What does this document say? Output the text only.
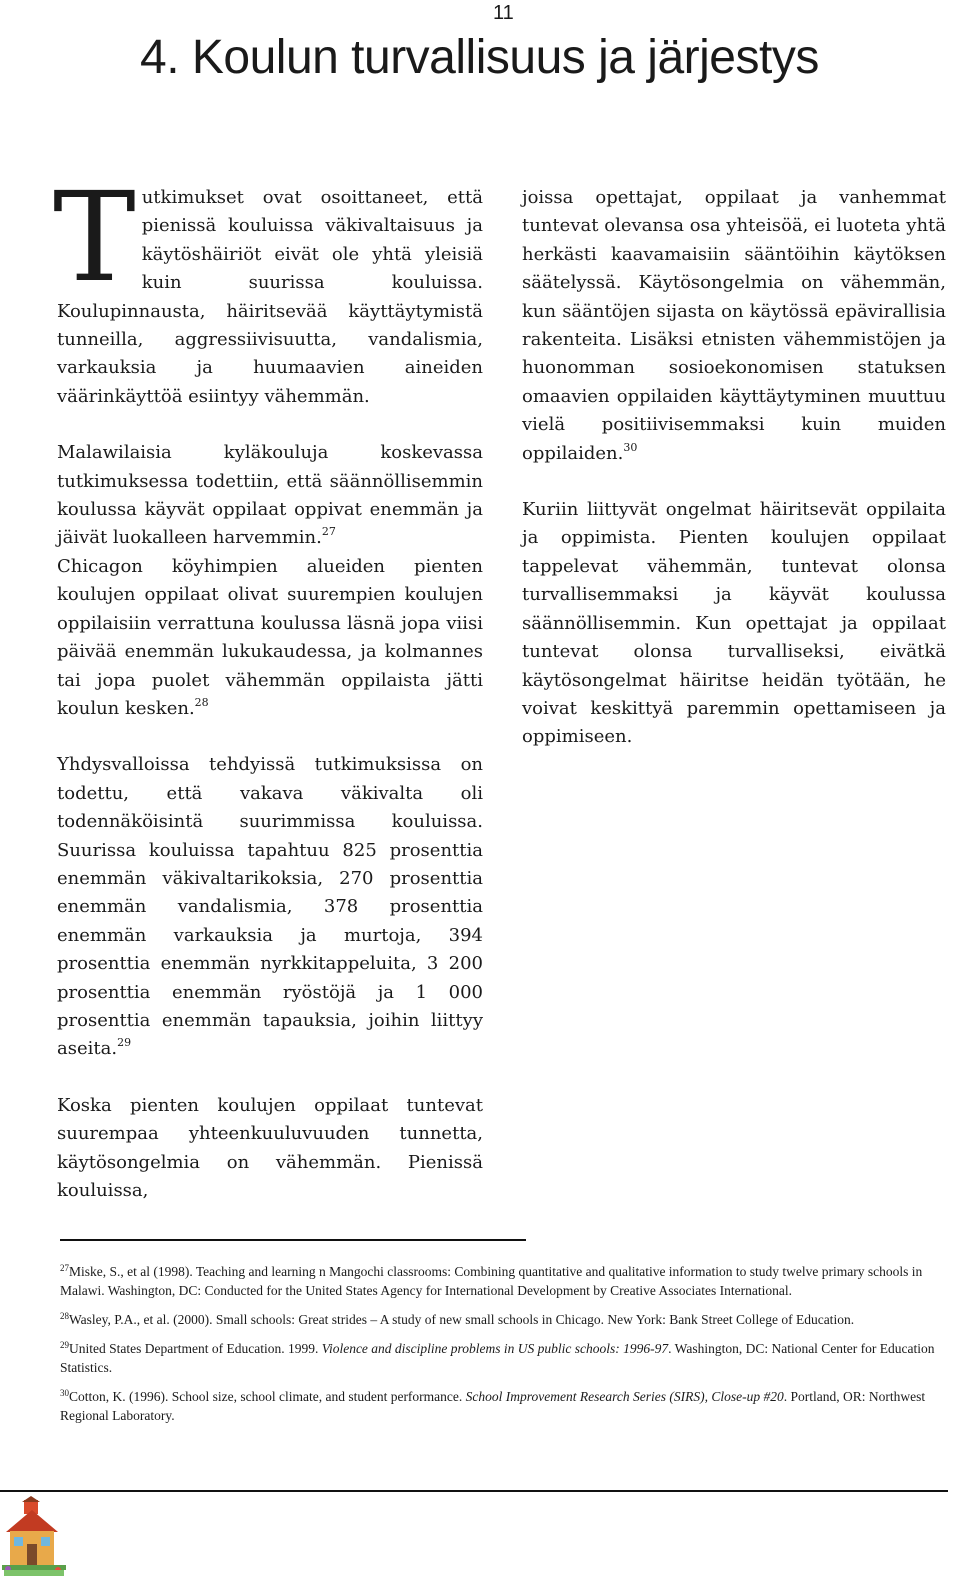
11
4. Koulun turvallisuus ja järjestys

Tutkimukset ovat osoittaneet, että pienissä kouluissa väkivaltaisuus ja käytöshäiriöt eivät ole yhtä yleisiä kuin suurissa kouluissa. Koulupinnausta, häiritsevää käyttäytymistä tunneilla, aggressiivisuutta, vandalismia, varkauksia ja huumaavien aineiden väärinkäyttöä esiintyy vähemmän.

Malawilaisia kyläkouluja koskevassa tutkimuksessa todettiin, että säännöllisemmin koulussa käyvät oppilaat oppivat enemmän ja jäivät luokalleen harvemmin.$^{27}$
Chicagon köyhimpien alueiden pienten koulujen oppilaat olivat suurempien koulujen oppilaisiin verrattuna koulussa läsnä jopa viisi päivää enemmän lukukaudessa, ja kolmannes tai jopa puolet vähemmän oppilaista jätti koulun kesken.$^{28}$

Yhdysvalloissa tehdyissä tutkimuksissa on todettu, että vakava väkivalta oli todennäköisintä suurimmissa kouluissa. Suurissa kouluissa tapahtuu 825 prosenttia enemmän väkivaltarikoksia, 270 prosenttia enemmän vandalismia, 378 prosenttia enemmän varkauksia ja murtoja, 394 prosenttia enemmän nyrkkitappeluita, 3 200 prosenttia enemmän ryöstöjä ja 1 000 prosenttia enemmän tapauksia, joihin liittyy aseita.$^{29}$

Koska pienten koulujen oppilaat tuntevat suurempaa yhteenkuuluvuuden tunnetta, käytösongelmia on vähemmän. Pienissä kouluissa,

joissa opettajat, oppilaat ja vanhemmat tuntevat olevansa osa yhteisöä, ei luoteta yhtä herkästi kaavamaisiin sääntöihin käytöksen säätelyssä. Käytösongelmia on vähemmän, kun sääntöjen sijasta on käytössä epävirallisia rakenteita. Lisäksi etnisten vähemmistöjen ja huonomman sosioekonomisen statuksen omaavien oppilaiden käyttäytyminen muuttuu vielä positiivisemmaksi kuin muiden oppilaiden.$^{30}$

Kuriin liittyvät ongelmat häiritsevät oppilaita ja oppimista. Pienten koulujen oppilaat tappelevat vähemmän, tuntevat olonsa turvallisemmaksi ja käyvät koulussa säännöllisemmin. Kun opettajat ja oppilaat tuntevat olonsa turvalliseksi, eivätkä käytösongelmat häiritse heidän työtään, he voivat keskittyä paremmin opettamiseen ja oppimiseen.

$^{27}$Miske, S., et al (1998). Teaching and learning n Mangochi classrooms: Combining quantitative and qualitative information to study twelve primary schools in Malawi. Washington, DC: Conducted for the United States Agency for International Development by Creative Associates International.
$^{28}$Wasley, P.A., et al. (2000). Small schools: Great strides – A study of new small schools in Chicago. New York: Bank Street College of Education.
$^{29}$United States Department of Education. 1999. Violence and discipline problems in US public schools: 1996-97. Washington, DC: National Center for Education Statistics.
$^{30}$Cotton, K. (1996). School size, school climate, and student performance. School Improvement Research Series (SIRS), Close-up #20. Portland, OR: Northwest Regional Laboratory.
